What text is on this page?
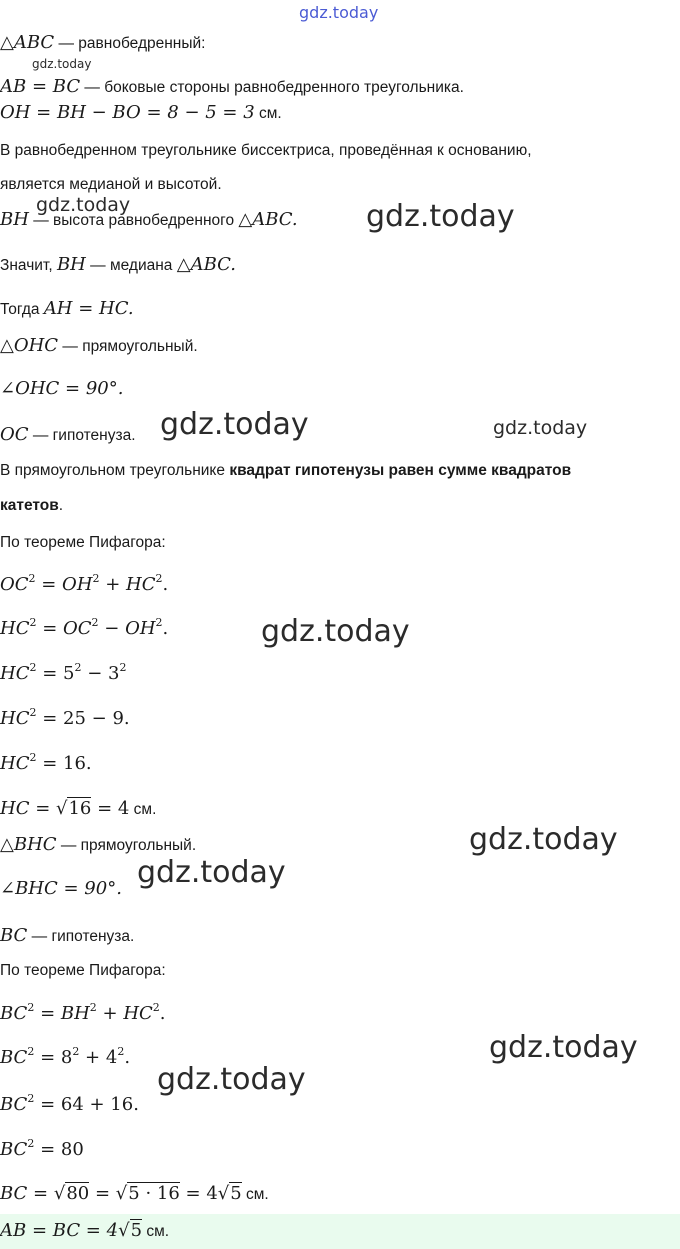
gdz.today
gdz.today
gdz.today	gdz.today
gdz.today	gdz.today
gdz.today
gdz.today
gdz.today
gdz.today
gdz.today
△ABC — равнобедренный:
AB = BC — боковые стороны равнобедренного треугольника.
OH = BH − BO = 8 − 5 = 3 см.
В равнобедренном треугольнике биссектриса, проведённая к основанию,
является медианой и высотой.
BH — высота равнобедренного △ABC.
Значит, BH — медиана △ABC.
Тогда AH = HC.
△OHC — прямоугольный.
∠OHC = 90°.
OC — гипотенуза.
В прямоугольном треугольнике квадрат гипотенузы равен сумме квадратов
катетов.
По теореме Пифагора:
$OC^2 = OH^2 + HC^2$.
$HC^2 = OC^2 - OH^2$.
$HC^2 = 5^2 - 3^2$
$HC^2 = 25 - 9$.
$HC^2 = 16$.
HC = √16 = 4 см.
△BHC — прямоугольный.
∠BHC = 90°.
BC — гипотенуза.
По теореме Пифагора:
$BC^2 = BH^2 + HC^2$.
$BC^2 = 8^2 + 4^2$.
$BC^2 = 64 + 16$.
$BC^2 = 80$
BC = √80 = √5 · 16 = 4√5 см.
AB = BC = 4√5 см.
